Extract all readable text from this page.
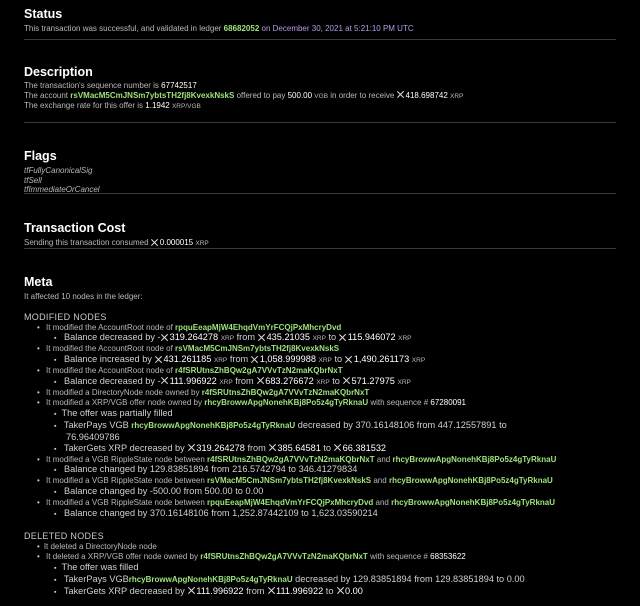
Status
This transaction was successful, and validated in ledger 68682052 on December 30, 2021 at 5:21:10 PM UTC
Description
The transaction's sequence number is 67742517
The account rsVMacM5CmJNSm7ybtsTH2fj8KvexkNskS offered to pay 500.00 VGB in order to receive 418.698742 XRP
The exchange rate for this offer is 1.1942 XRP/VGB
Flags
tfFullyCanonicalSig
tfSell
tfImmediateOrCancel
Transaction Cost
Sending this transaction consumed 0.000015 XRP
Meta
It affected 10 nodes in the ledger:
MODIFIED NODES
• It modified the AccountRoot node of rpquEeapMjW4EhqdVmYrFCQjPxMhcryDvd
▪ Balance decreased by - 319.264278 XRP from 435.21035 XRP to 115.946072 XRP
• It modified the AccountRoot node of rsVMacM5CmJNSm7ybtsTH2fj8KvexkNskS
▪ Balance increased by 431.261185 XRP from 1,058.999988 XRP to 1,490.261173 XRP
• It modified the AccountRoot node of r4fSRUtnsZhBQw2gA7VVvTzN2maKQbrNxT
▪ Balance decreased by - 111.996922 XRP from 683.276672 XRP to 571.27975 XRP
• It modified a DirectoryNode node owned by r4fSRUtnsZhBQw2gA7VVvTzN2maKQbrNxT
• It modified a XRP/VGB offer node owned by rhcyBrowwApgNonehKBj8Po5z4gTyRknaU with sequence # 67280091
▪ The offer was partially filled
▪ TakerPays VGB rhcyBrowwApgNonehKBj8Po5z4gTyRknaU decreased by 370.16148106 from 447.12557891 to
76.96409786
▪ TakerGets XRP decreased by 319.264278 from 385.64581 to 66.381532
• It modified a VGB RippleState node between r4fSRUtnsZhBQw2gA7VVvTzN2maKQbrNxT and rhcyBrowwApgNonehKBj8Po5z4gTyRknaU
▪ Balance changed by 129.83851894 from 216.5742794 to 346.41279834
• It modified a VGB RippleState node between rsVMacM5CmJNSm7ybtsTH2fj8KvexkNskS and rhcyBrowwApgNonehKBj8Po5z4gTyRknaU
▪ Balance changed by -500.00 from 500.00 to 0.00
• It modified a VGB RippleState node between rpquEeapMjW4EhqdVmYrFCQjPxMhcryDvd and rhcyBrowwApgNonehKBj8Po5z4gTyRknaU
▪ Balance changed by 370.16148106 from 1,252.87442109 to 1,623.03590214
DELETED NODES
• It deleted a DirectoryNode node
• It deleted a XRP/VGB offer node owned by r4fSRUtnsZhBQw2gA7VVvTzN2maKQbrNxT with sequence # 68353622
▪ The offer was filled
▪ TakerPays VGBrhcyBrowwApgNonehKBj8Po5z4gTyRknaU decreased by 129.83851894 from 129.83851894 to 0.00
▪ TakerGets XRP decreased by 111.996922 from 111.996922 to 0.00
